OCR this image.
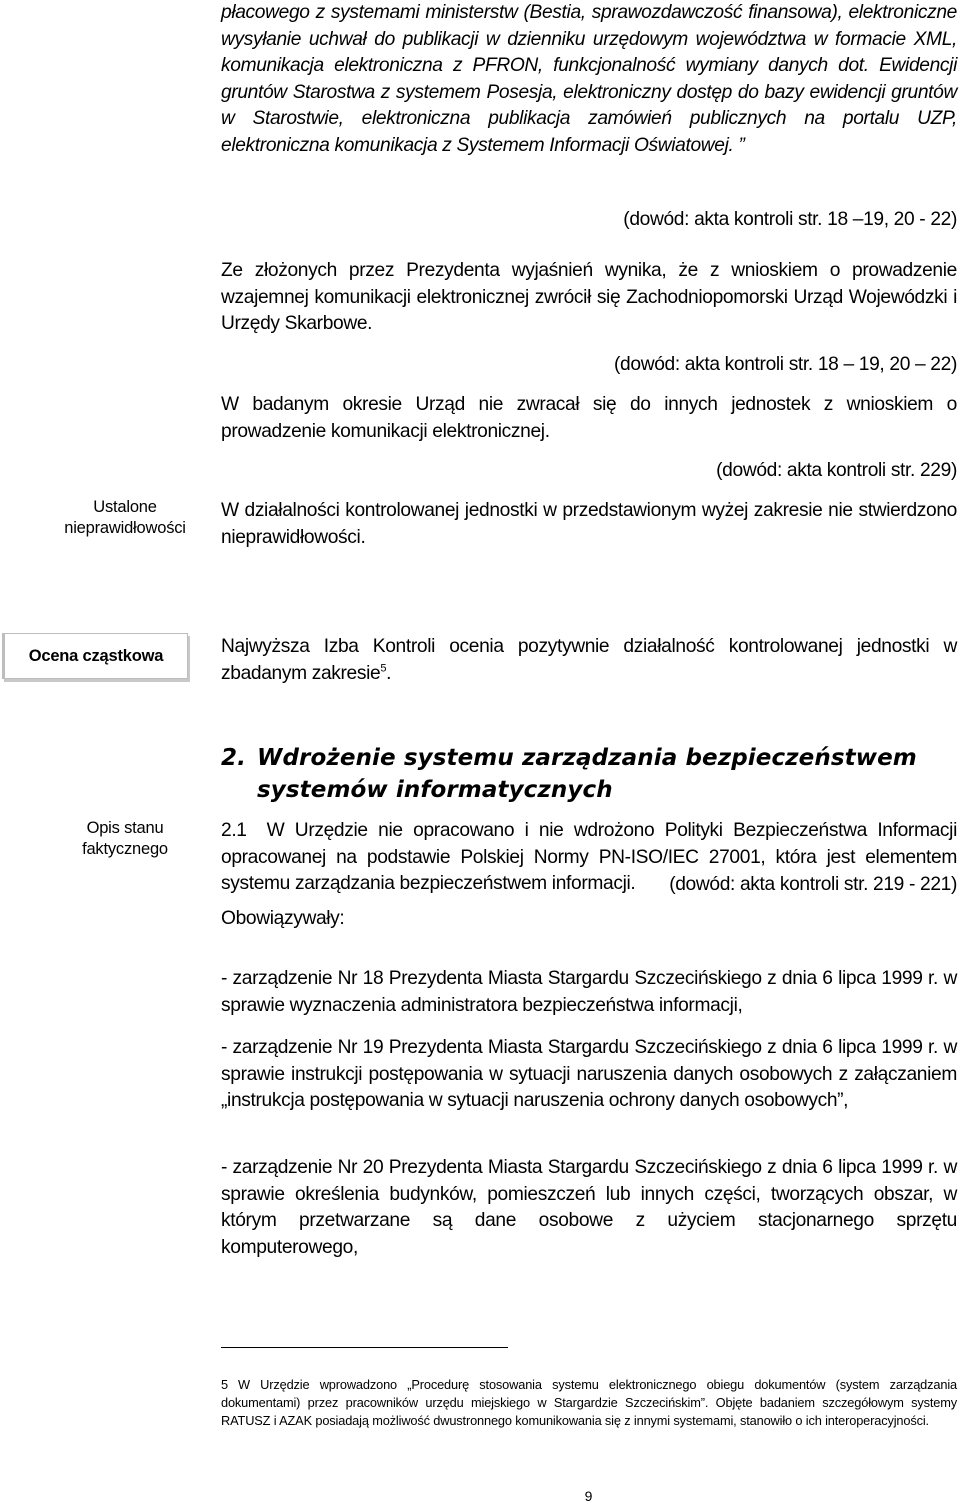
płacowego z systemami ministerstw (Bestia, sprawozdawczość finansowa), elektroniczne wysyłanie uchwał do publikacji w dzienniku urzędowym województwa w formacie XML, komunikacja elektroniczna z PFRON, funkcjonalność wymiany danych dot. Ewidencji gruntów Starostwa z systemem Posesja, elektroniczny dostęp do bazy ewidencji gruntów w Starostwie, elektroniczna publikacja zamówień publicznych na portalu UZP, elektroniczna komunikacja z Systemem Informacji Oświatowej. ”
(dowód: akta kontroli str. 18 –19, 20 - 22)
Ze złożonych przez Prezydenta wyjaśnień wynika, że z wnioskiem o prowadzenie wzajemnej komunikacji elektronicznej zwrócił się Zachodniopomorski Urząd Wojewódzki i Urzędy Skarbowe.
(dowód: akta kontroli str. 18 – 19, 20 – 22)
W badanym okresie Urząd nie zwracał się do innych jednostek z wnioskiem o prowadzenie komunikacji elektronicznej.
(dowód: akta kontroli str. 229)
Ustalone
nieprawidłowości
W działalności kontrolowanej jednostki w przedstawionym wyżej zakresie nie stwierdzono nieprawidłowości.
Ocena cząstkowa	Najwyższa Izba Kontroli ocenia pozytywnie działalność kontrolowanej jednostki w zbadanym zakresie$^5$.
2. Wdrożenie systemu zarządzania bezpieczeństwem
systemów informatycznych
Opis stanu
faktycznego
2.1 W Urzędzie nie opracowano i nie wdrożono Polityki Bezpieczeństwa Informacji opracowanej na podstawie Polskiej Normy PN-ISO/IEC 27001, która jest elementem systemu zarządzania bezpieczeństwem informacji.	(dowód: akta kontroli str. 219 - 221)
Obowiązywały:
- zarządzenie Nr 18 Prezydenta Miasta Stargardu Szczecińskiego z dnia 6 lipca 1999 r. w sprawie wyznaczenia administratora bezpieczeństwa informacji,
- zarządzenie Nr 19 Prezydenta Miasta Stargardu Szczecińskiego z dnia 6 lipca 1999 r. w sprawie instrukcji postępowania w sytuacji naruszenia danych osobowych z załączaniem „instrukcja postępowania w sytuacji naruszenia ochrony danych osobowych”,
- zarządzenie Nr 20 Prezydenta Miasta Stargardu Szczecińskiego z dnia 6 lipca 1999 r. w sprawie określenia budynków, pomieszczeń lub innych części, tworzących obszar, w którym przetwarzane są dane osobowe z użyciem stacjonarnego sprzętu komputerowego,
5 W Urzędzie wprowadzono „Procedurę stosowania systemu elektronicznego obiegu dokumentów (system zarządzania dokumentami) przez pracowników urzędu miejskiego w Stargardzie Szczecińskim”. Objęte badaniem szczegółowym systemy RATUSZ i AZAK posiadają możliwość dwustronnego komunikowania się z innymi systemami, stanowiło o ich interoperacyjności.
9
